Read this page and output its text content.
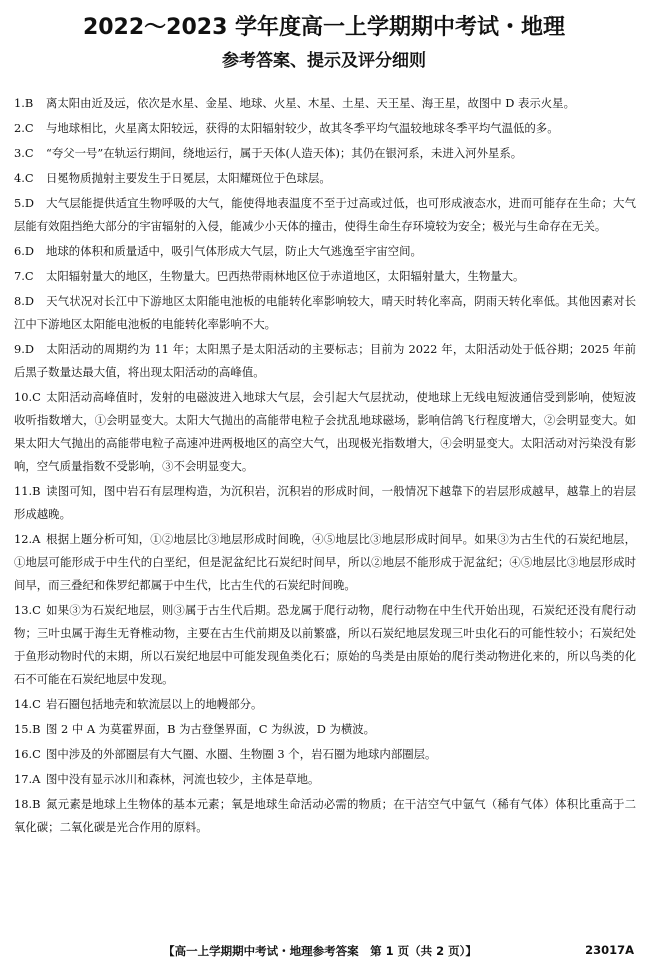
2022～2023 学年度高一上学期期中考试・地理
参考答案、提示及评分细则

1.B 离太阳由近及远，依次是水星、金星、地球、火星、木星、土星、天王星、海王星，故图中 D 表示火星。

2.C 与地球相比，火星离太阳较远，获得的太阳辐射较少，故其冬季平均气温较地球冬季平均气温低的多。

3.C “夸父一号”在轨运行期间，绕地运行，属于天体(人造天体)；其仍在银河系，未进入河外星系。

4.C 日冕物质抛射主要发生于日冕层，太阳耀斑位于色球层。

5.D 大气层能提供适宜生物呼吸的大气，能使得地表温度不至于过高或过低，也可形成液态水，进而可能存在生命；大气层能有效阻挡绝大部分的宇宙辐射的入侵，能减少小天体的撞击，使得生命生存环境较为安全；极光与生命存在无关。

6.D 地球的体积和质量适中，吸引气体形成大气层，防止大气逃逸至宇宙空间。

7.C 太阳辐射量大的地区，生物量大。巴西热带雨林地区位于赤道地区，太阳辐射量大，生物量大。

8.D 天气状况对长江中下游地区太阳能电池板的电能转化率影响较大，晴天时转化率高，阴雨天转化率低。其他因素对长江中下游地区太阳能电池板的电能转化率影响不大。

9.D 太阳活动的周期约为 11 年；太阳黑子是太阳活动的主要标志；目前为 2022 年，太阳活动处于低谷期；2025 年前后黑子数量达最大值，将出现太阳活动的高峰值。

10.C 太阳活动高峰值时，发射的电磁波进入地球大气层，会引起大气层扰动，使地球上无线电短波通信受到影响，使短波收听指数增大，①会明显变大。太阳大气抛出的高能带电粒子会扰乱地球磁场，影响信鸽飞行程度增大，②会明显变大。如果太阳大气抛出的高能带电粒子高速冲进两极地区的高空大气，出现极光指数增大，④会明显变大。太阳活动对污染没有影响，空气质量指数不受影响，③不会明显变大。

11.B 读图可知，图中岩石有层理构造，为沉积岩，沉积岩的形成时间，一般情况下越靠下的岩层形成越早，越靠上的岩层形成越晚。

12.A 根据上题分析可知，①②地层比③地层形成时间晚，④⑤地层比③地层形成时间早。如果③为古生代的石炭纪地层，①地层可能形成于中生代的白垩纪，但是泥盆纪比石炭纪时间早，所以②地层不能形成于泥盆纪；④⑤地层比③地层形成时间早，而三叠纪和侏罗纪都属于中生代，比古生代的石炭纪时间晚。

13.C 如果③为石炭纪地层，则③属于古生代后期。恐龙属于爬行动物，爬行动物在中生代开始出现，石炭纪还没有爬行动物；三叶虫属于海生无脊椎动物，主要在古生代前期及以前繁盛，所以石炭纪地层发现三叶虫化石的可能性较小；石炭纪处于鱼形动物时代的末期，所以石炭纪地层中可能发现鱼类化石；原始的鸟类是由原始的爬行类动物进化来的，所以鸟类的化石不可能在石炭纪地层中发现。

14.C 岩石圈包括地壳和软流层以上的地幔部分。

15.B 图 2 中 A 为莫霍界面，B 为古登堡界面，C 为纵波，D 为横波。

16.C 图中涉及的外部圈层有大气圈、水圈、生物圈 3 个，岩石圈为地球内部圈层。

17.A 图中没有显示冰川和森林，河流也较少，主体是草地。

18.B 氮元素是地球上生物体的基本元素；氧是地球生命活动必需的物质；在干洁空气中氩气（稀有气体）体积比重高于二氧化碳；二氧化碳是光合作用的原料。

【高一上学期期中考试・地理参考答案　第 1 页（共 2 页）】	23017A
